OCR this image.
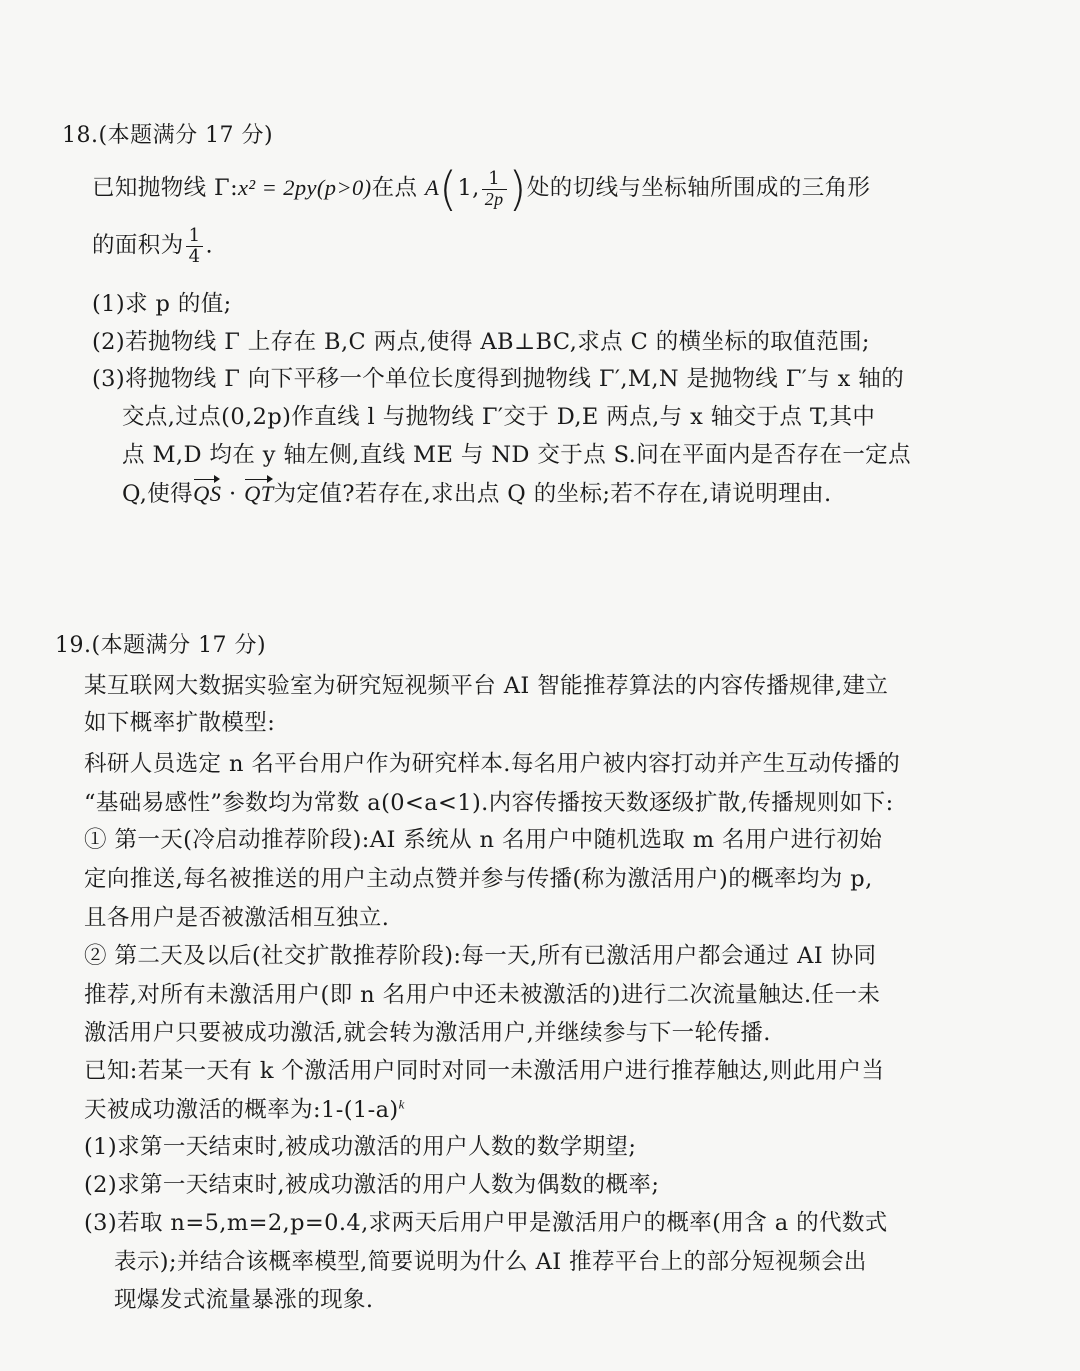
18.(本题满分 17 分)
已知抛物线 Γ:x² = 2py(p>0)在点 A(1, $\frac{1}{2p}$ )处的切线与坐标轴所围成的三角形
的面积为 $\frac{1}{4}$ .
(1)求 p 的值;
(2)若抛物线 Γ 上存在 B,C 两点,使得 AB⊥BC,求点 C 的横坐标的取值范围;
(3)将抛物线 Γ 向下平移一个单位长度得到抛物线 Γ′,M,N 是抛物线 Γ′与 x 轴的
交点,过点(0,2p)作直线 l 与抛物线 Γ′交于 D,E 两点,与 x 轴交于点 T,其中
点 M,D 均在 y 轴左侧,直线 ME 与 ND 交于点 S.问在平面内是否存在一定点
Q,使得QS · QT为定值?若存在,求出点 Q 的坐标;若不存在,请说明理由.
19.(本题满分 17 分)
某互联网大数据实验室为研究短视频平台 AI 智能推荐算法的内容传播规律,建立
如下概率扩散模型:
科研人员选定 n 名平台用户作为研究样本.每名用户被内容打动并产生互动传播的
“基础易感性”参数均为常数 a(0<a<1).内容传播按天数逐级扩散,传播规则如下:
① 第一天(冷启动推荐阶段):AI 系统从 n 名用户中随机选取 m 名用户进行初始
定向推送,每名被推送的用户主动点赞并参与传播(称为激活用户)的概率均为 p,
且各用户是否被激活相互独立.
② 第二天及以后(社交扩散推荐阶段):每一天,所有已激活用户都会通过 AI 协同
推荐,对所有未激活用户(即 n 名用户中还未被激活的)进行二次流量触达.任一未
激活用户只要被成功激活,就会转为激活用户,并继续参与下一轮传播.
已知:若某一天有 k 个激活用户同时对同一未激活用户进行推荐触达,则此用户当
天被成功激活的概率为$:1-(1-a)^k$
(1)求第一天结束时,被成功激活的用户人数的数学期望;
(2)求第一天结束时,被成功激活的用户人数为偶数的概率;
(3)若取 n=5,m=2,p=0.4,求两天后用户甲是激活用户的概率(用含 a 的代数式
表示);并结合该概率模型,简要说明为什么 AI 推荐平台上的部分短视频会出
现爆发式流量暴涨的现象.
